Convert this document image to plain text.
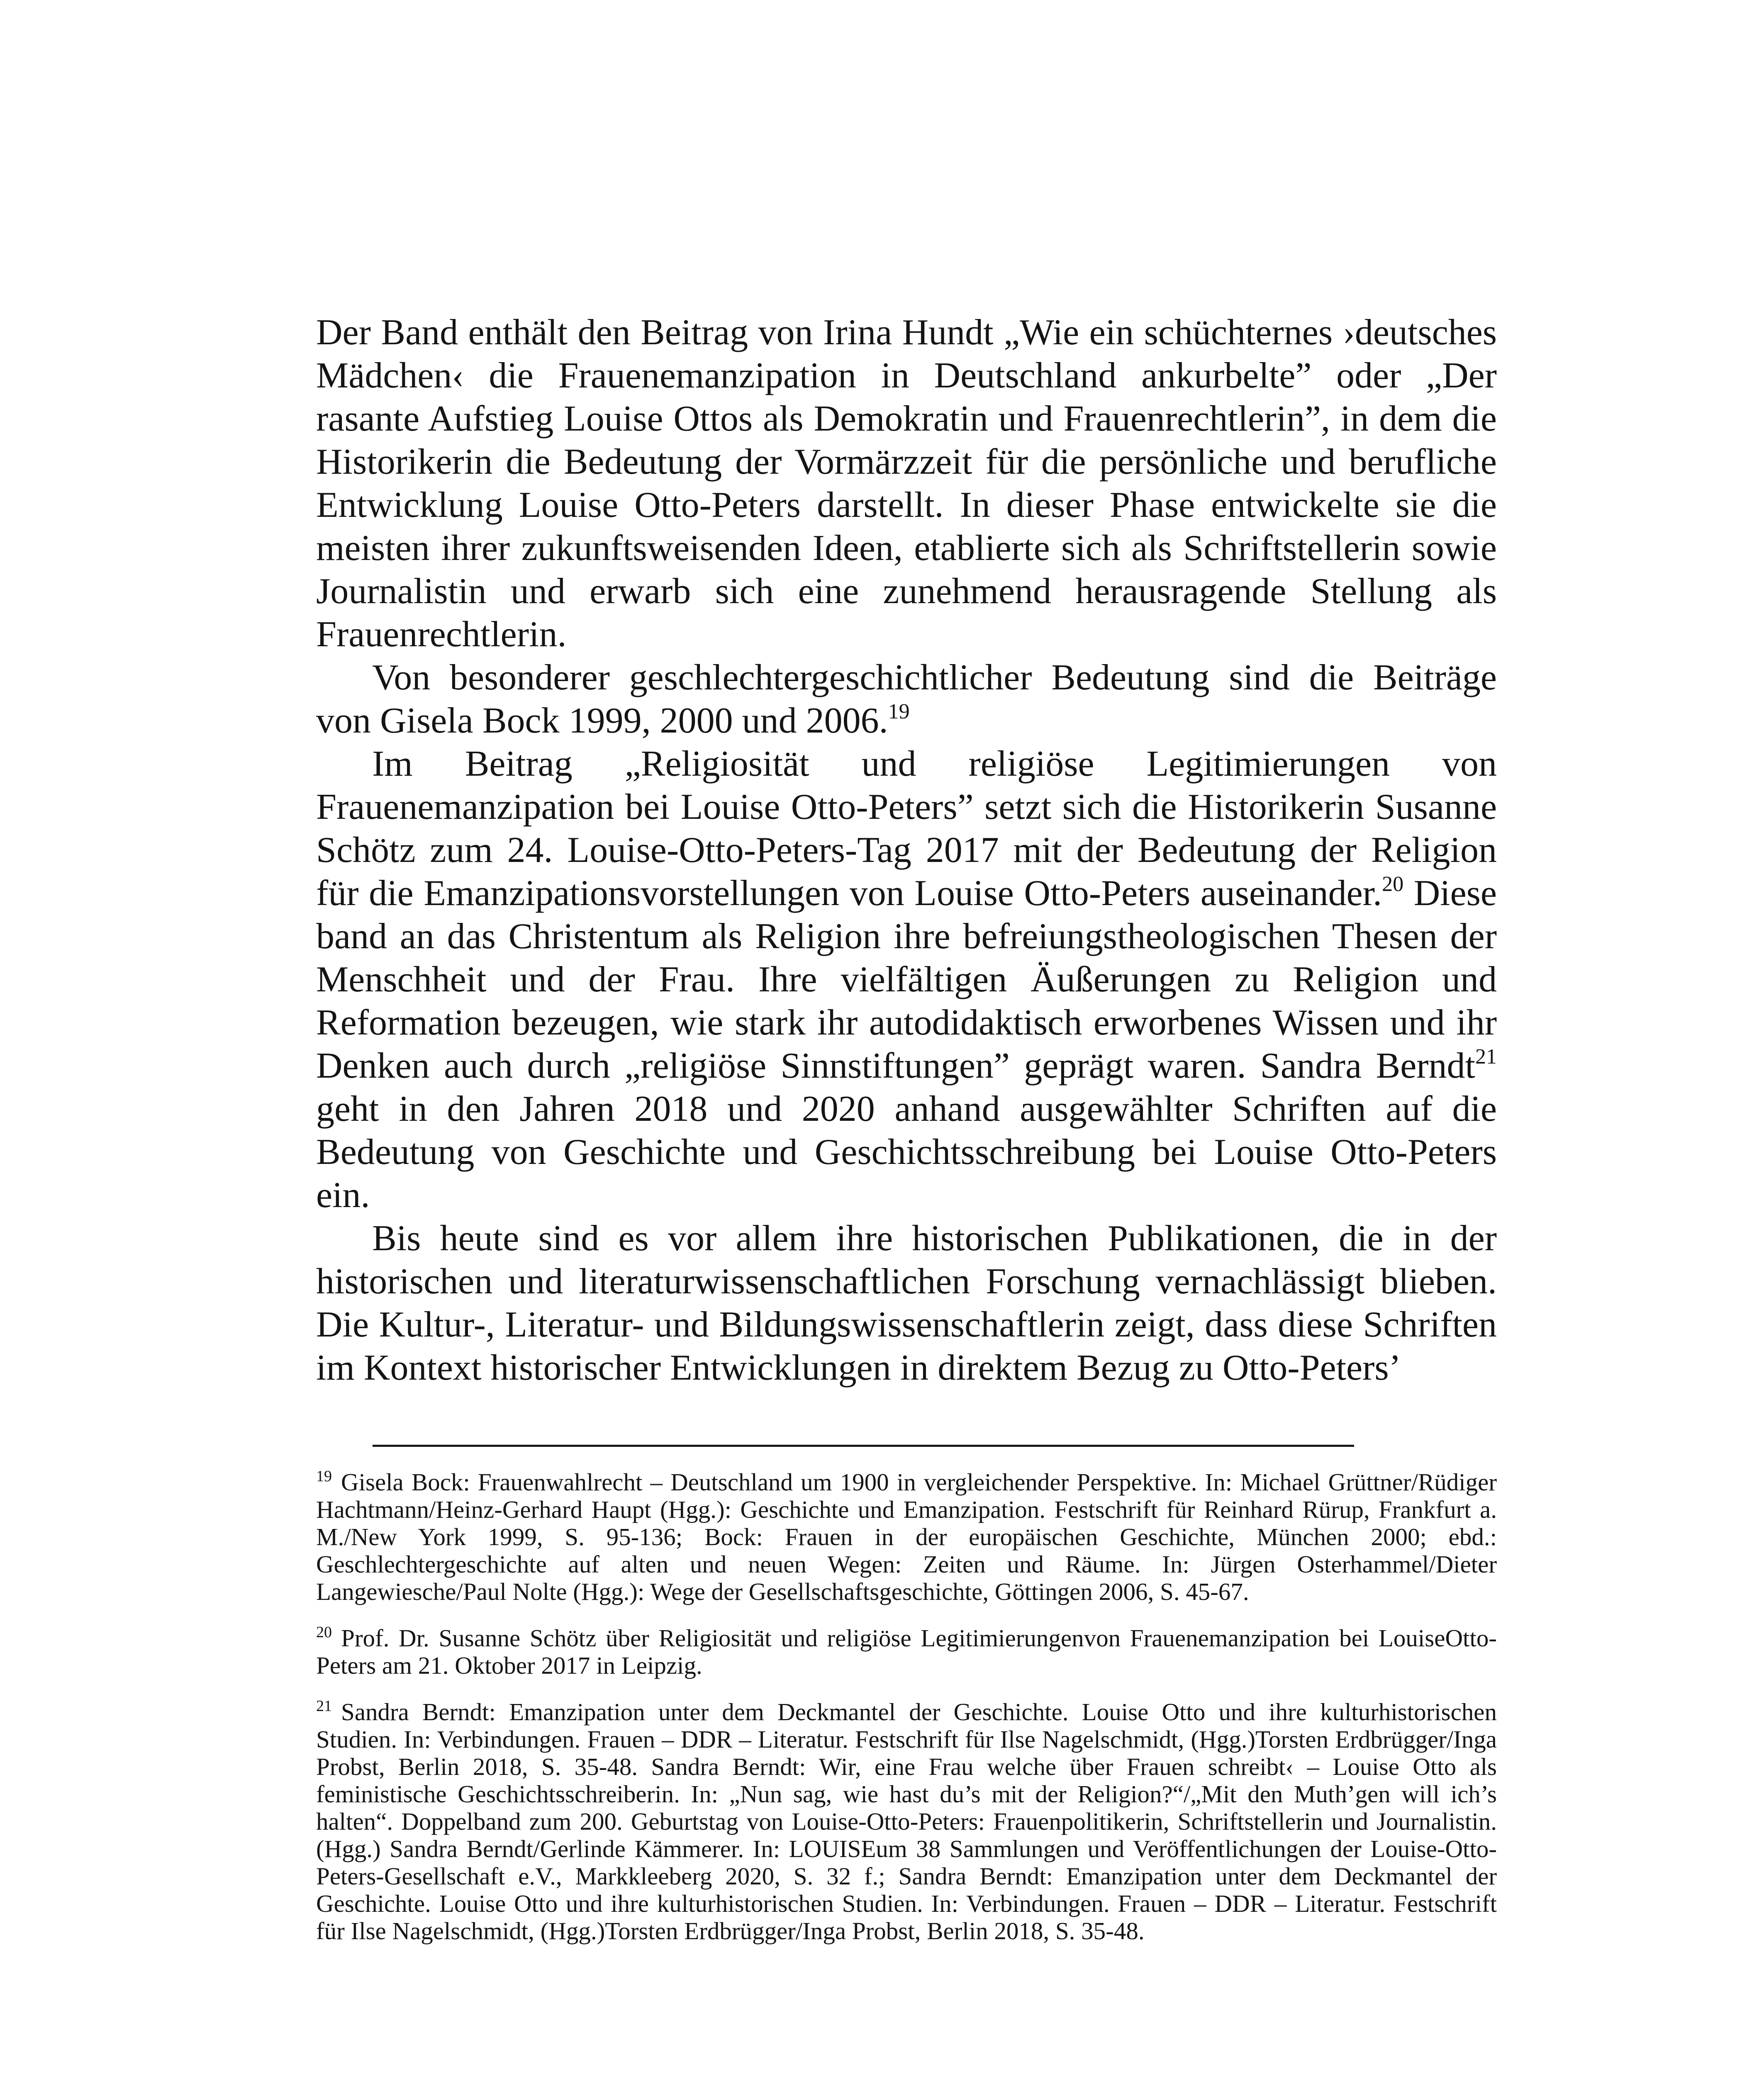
Der Band enthält den Beitrag von Irina Hundt „Wie ein schüchternes ›deutsches Mädchen‹ die Frauenemanzipation in Deutschland ankurbelte” oder „Der rasante Aufstieg Louise Ottos als Demokratin und Frauenrechtlerin”, in dem die Historikerin die Bedeutung der Vormärzzeit für die persönliche und berufliche Entwicklung Louise Otto-Peters darstellt. In dieser Phase entwickelte sie die meisten ihrer zukunftsweisenden Ideen, etablierte sich als Schriftstellerin sowie Journalistin und erwarb sich eine zunehmend herausragende Stellung als Frauenrechtlerin.

Von besonderer geschlechtergeschichtlicher Bedeutung sind die Beiträge von Gisela Bock 1999, 2000 und 2006.19

Im Beitrag „Religiosität und religiöse Legitimierungen von Frauenemanzipation bei Louise Otto-Peters” setzt sich die Historikerin Susanne Schötz zum 24. Louise-Otto-Peters-Tag 2017 mit der Bedeutung der Religion für die Emanzipationsvorstellungen von Louise Otto-Peters auseinander.$^{20}$ Diese band an das Christentum als Religion ihre befreiungstheologischen Thesen der Menschheit und der Frau. Ihre vielfältigen Äußerungen zu Religion und Reformation bezeugen, wie stark ihr autodidaktisch erworbenes Wissen und ihr Denken auch durch „religiöse Sinnstiftungen” geprägt waren. Sandra Berndt$^{21}$ geht in den Jahren 2018 und 2020 anhand ausgewählter Schriften auf die Bedeutung von Geschichte und Geschichtsschreibung bei Louise Otto-Peters ein.

Bis heute sind es vor allem ihre historischen Publikationen, die in der historischen und literaturwissenschaftlichen Forschung vernachlässigt blieben. Die Kultur-, Literatur- und Bildungswissenschaftlerin zeigt, dass diese Schriften im Kontext historischer Entwicklungen in direktem Bezug zu Otto-Peters’

$^{19}$ Gisela Bock: Frauenwahlrecht – Deutschland um 1900 in vergleichender Perspektive. In: Michael Grüttner/Rüdiger Hachtmann/Heinz-Gerhard Haupt (Hgg.): Geschichte und Emanzipation. Festschrift für Reinhard Rürup, Frankfurt a. M./New York 1999, S. 95-136; Bock: Frauen in der europäischen Geschichte, München 2000; ebd.: Geschlechtergeschichte auf alten und neuen Wegen: Zeiten und Räume. In: Jürgen Osterhammel/Dieter Langewiesche/Paul Nolte (Hgg.): Wege der Gesellschaftsgeschichte, Göttingen 2006, S. 45-67.

$^{20}$ Prof. Dr. Susanne Schötz über Religiosität und religiöse Legitimierungenvon Frauenemanzipation bei LouiseOtto-Peters am 21. Oktober 2017 in Leipzig.

$^{21}$ Sandra Berndt: Emanzipation unter dem Deckmantel der Geschichte. Louise Otto und ihre kulturhistorischen Studien. In: Verbindungen. Frauen – DDR – Literatur. Festschrift für Ilse Nagelschmidt, (Hgg.)Torsten Erdbrügger/Inga Probst, Berlin 2018, S. 35-48. Sandra Berndt: Wir, eine Frau welche über Frauen schreibt‹ – Louise Otto als feministische Geschichtsschreiberin. In: „Nun sag, wie hast du’s mit der Religion?“/„Mit den Muth’gen will ich’s halten“. Doppelband zum 200. Geburtstag von Louise-Otto-Peters: Frauenpolitikerin, Schriftstellerin und Journalistin. (Hgg.) Sandra Berndt/Gerlinde Kämmerer. In: LOUISEum 38 Sammlungen und Veröffentlichungen der Louise-Otto-Peters-Gesellschaft e.V., Markkleeberg 2020, S. 32 f.; Sandra Berndt: Emanzipation unter dem Deckmantel der Geschichte. Louise Otto und ihre kulturhistorischen Studien. In: Verbindungen. Frauen – DDR – Literatur. Festschrift für Ilse Nagelschmidt, (Hgg.)Torsten Erdbrügger/Inga Probst, Berlin 2018, S. 35-48.
